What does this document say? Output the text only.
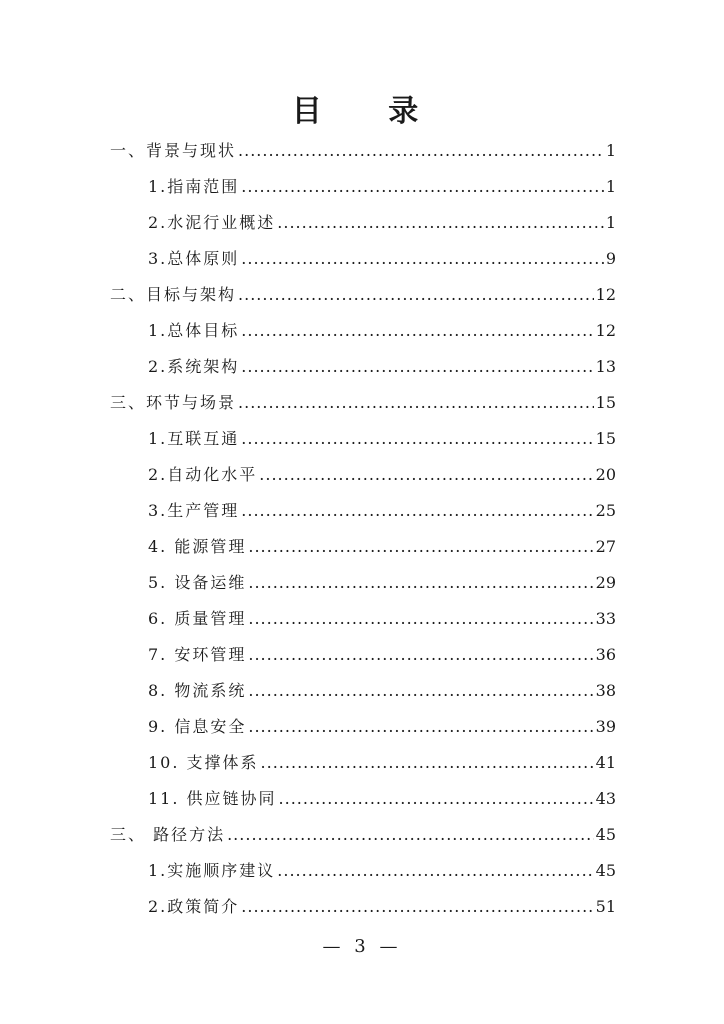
目 录
一、背景与现状 .....	1
1.指南范围 .....	1
2.水泥行业概述 .....	1
3.总体原则 .....	9
二、目标与架构 .....	12
1.总体目标 .....	12
2.系统架构 .....	13
三、环节与场景 .....	15
1.互联互通 .....	15
2.自动化水平 .....	20
3.生产管理 .....	25
4. 能源管理 .....	27
5. 设备运维 .....	29
6. 质量管理 .....	33
7. 安环管理 .....	36
8. 物流系统 .....	38
9. 信息安全 .....	39
10. 支撑体系 .....	41
11. 供应链协同 .....	43
三、 路径方法 .....	45
1.实施顺序建议 .....	45
2.政策简介 .....	51
— 3 —
